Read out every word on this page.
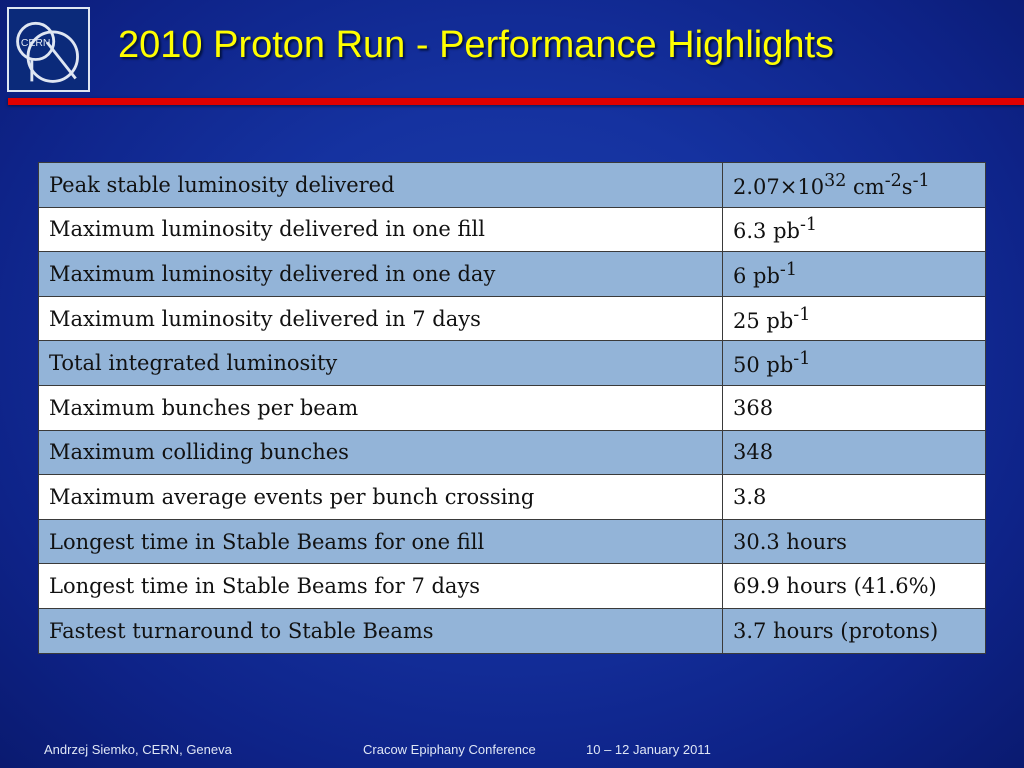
CERN 2010 Proton Run - Performance Highlights
Peak stable luminosity delivered	$2.07\times 10^{32}$ $cm^{-2}s^{-1}$
Maximum luminosity delivered in one fill	6.3 $pb^{-1}$
Maximum luminosity delivered in one day	6 $pb^{-1}$
Maximum luminosity delivered in 7 days	25 $pb^{-1}$
Total integrated luminosity	50 $pb^{-1}$
Maximum bunches per beam	368
Maximum colliding bunches	348
Maximum average events per bunch crossing	3.8
Longest time in Stable Beams for one fill	30.3 hours
Longest time in Stable Beams for 7 days	69.9 hours (41.6%)
Fastest turnaround to Stable Beams	3.7 hours (protons)
Andrzej Siemko, CERN, Geneva	Cracow Epiphany Conference	10 – 12 January 2011
